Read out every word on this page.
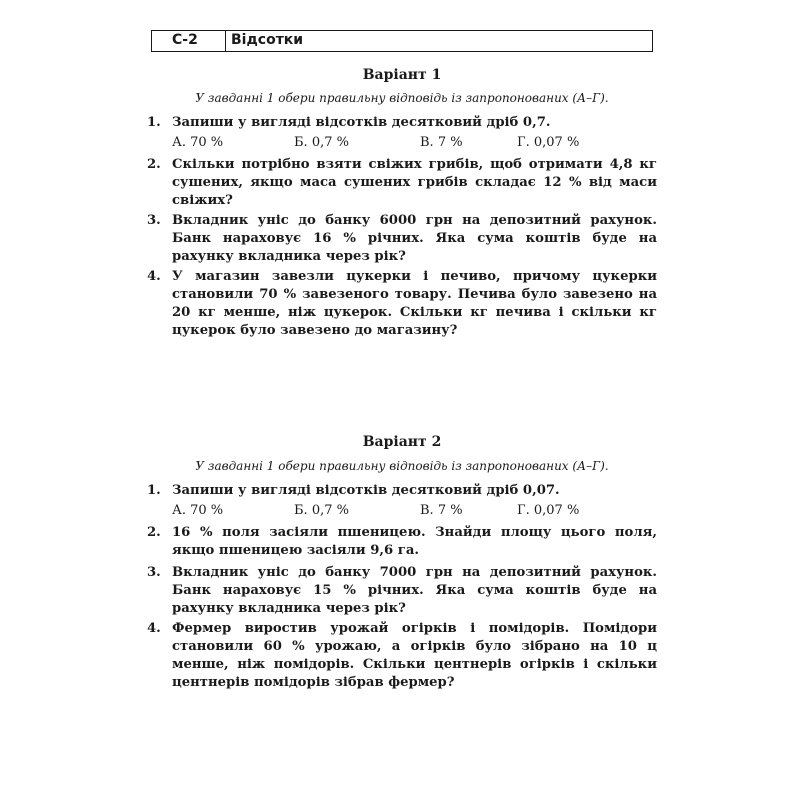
С-2	Відсотки
Варіант 1
У завданні 1 обери правильну відповідь із запропонованих (А–Г).
1. Запиши у вигляді відсотків десятковий дріб 0,7.
А. 70 %	Б. 0,7 %	В. 7 %	Г. 0,07 %
2. Скільки потрібно взяти свіжих грибів, щоб отримати 4,8 кг сушених, якщо маса сушених грибів складає 12 % від маси свіжих?
3. Вкладник уніс до банку 6000 грн на депозитний рахунок. Банк нараховує 16 % річних. Яка сума коштів буде на рахунку вкладника через рік?
4. У магазин завезли цукерки і печиво, причому цукерки становили 70 % завезеного товару. Печива було завезено на 20 кг менше, ніж цукерок. Скільки кг печива і скільки кг цукерок було завезено до магазину?
Варіант 2
У завданні 1 обери правильну відповідь із запропонованих (А–Г).
1. Запиши у вигляді відсотків десятковий дріб 0,07.
А. 70 %	Б. 0,7 %	В. 7 %	Г. 0,07 %
2. 16 % поля засіяли пшеницею. Знайди площу цього поля, якщо пшеницею засіяли 9,6 га.
3. Вкладник уніс до банку 7000 грн на депозитний рахунок. Банк нараховує 15 % річних. Яка сума коштів буде на рахунку вкладника через рік?
4. Фермер виростив урожай огірків і помідорів. Помідори становили 60 % урожаю, а огірків було зібрано на 10 ц менше, ніж помідорів. Скільки центнерів огірків і скільки центнерів помідорів зібрав фермер?
